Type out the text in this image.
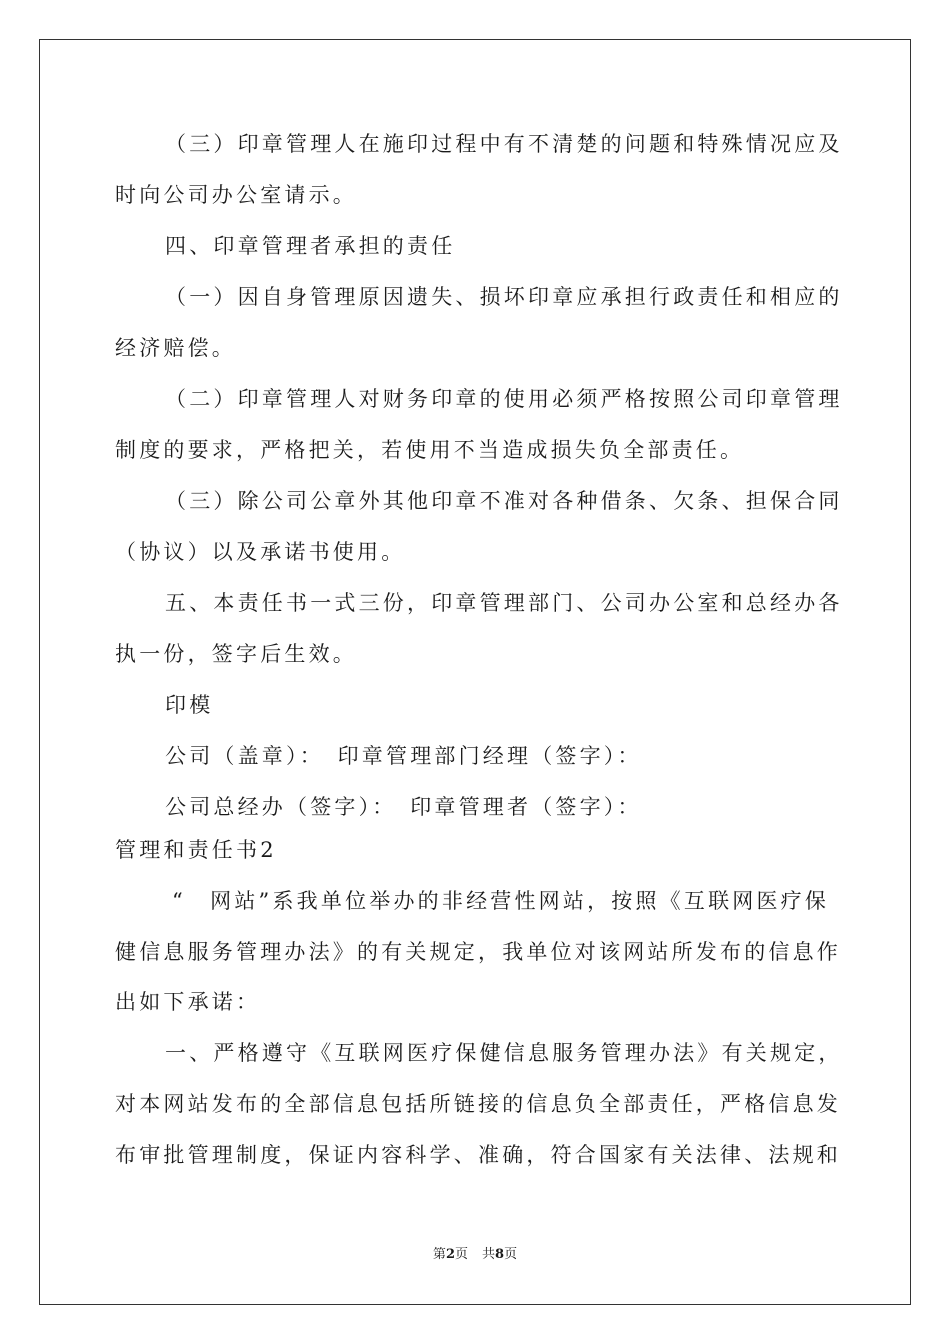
（三）印章管理人在施印过程中有不清楚的问题和特殊情况应及
时向公司办公室请示。
四、印章管理者承担的责任
（一）因自身管理原因遗失、损坏印章应承担行政责任和相应的
经济赔偿。
（二）印章管理人对财务印章的使用必须严格按照公司印章管理
制度的要求，严格把关，若使用不当造成损失负全部责任。
（三）除公司公章外其他印章不准对各种借条、欠条、担保合同
（协议）以及承诺书使用。
五、本责任书一式三份，印章管理部门、公司办公室和总经办各
执一份，签字后生效。
印模
公司（盖章）：　印章管理部门经理（签字）：
公司总经办（签字）：　印章管理者（签字）：
管理和责任书2
“　网站”系我单位举办的非经营性网站，按照《互联网医疗保
健信息服务管理办法》的有关规定，我单位对该网站所发布的信息作
出如下承诺：
一、严格遵守《互联网医疗保健信息服务管理办法》有关规定，
对本网站发布的全部信息包括所链接的信息负全部责任，严格信息发
布审批管理制度，保证内容科学、准确，符合国家有关法律、法规和
第2页 共8页
